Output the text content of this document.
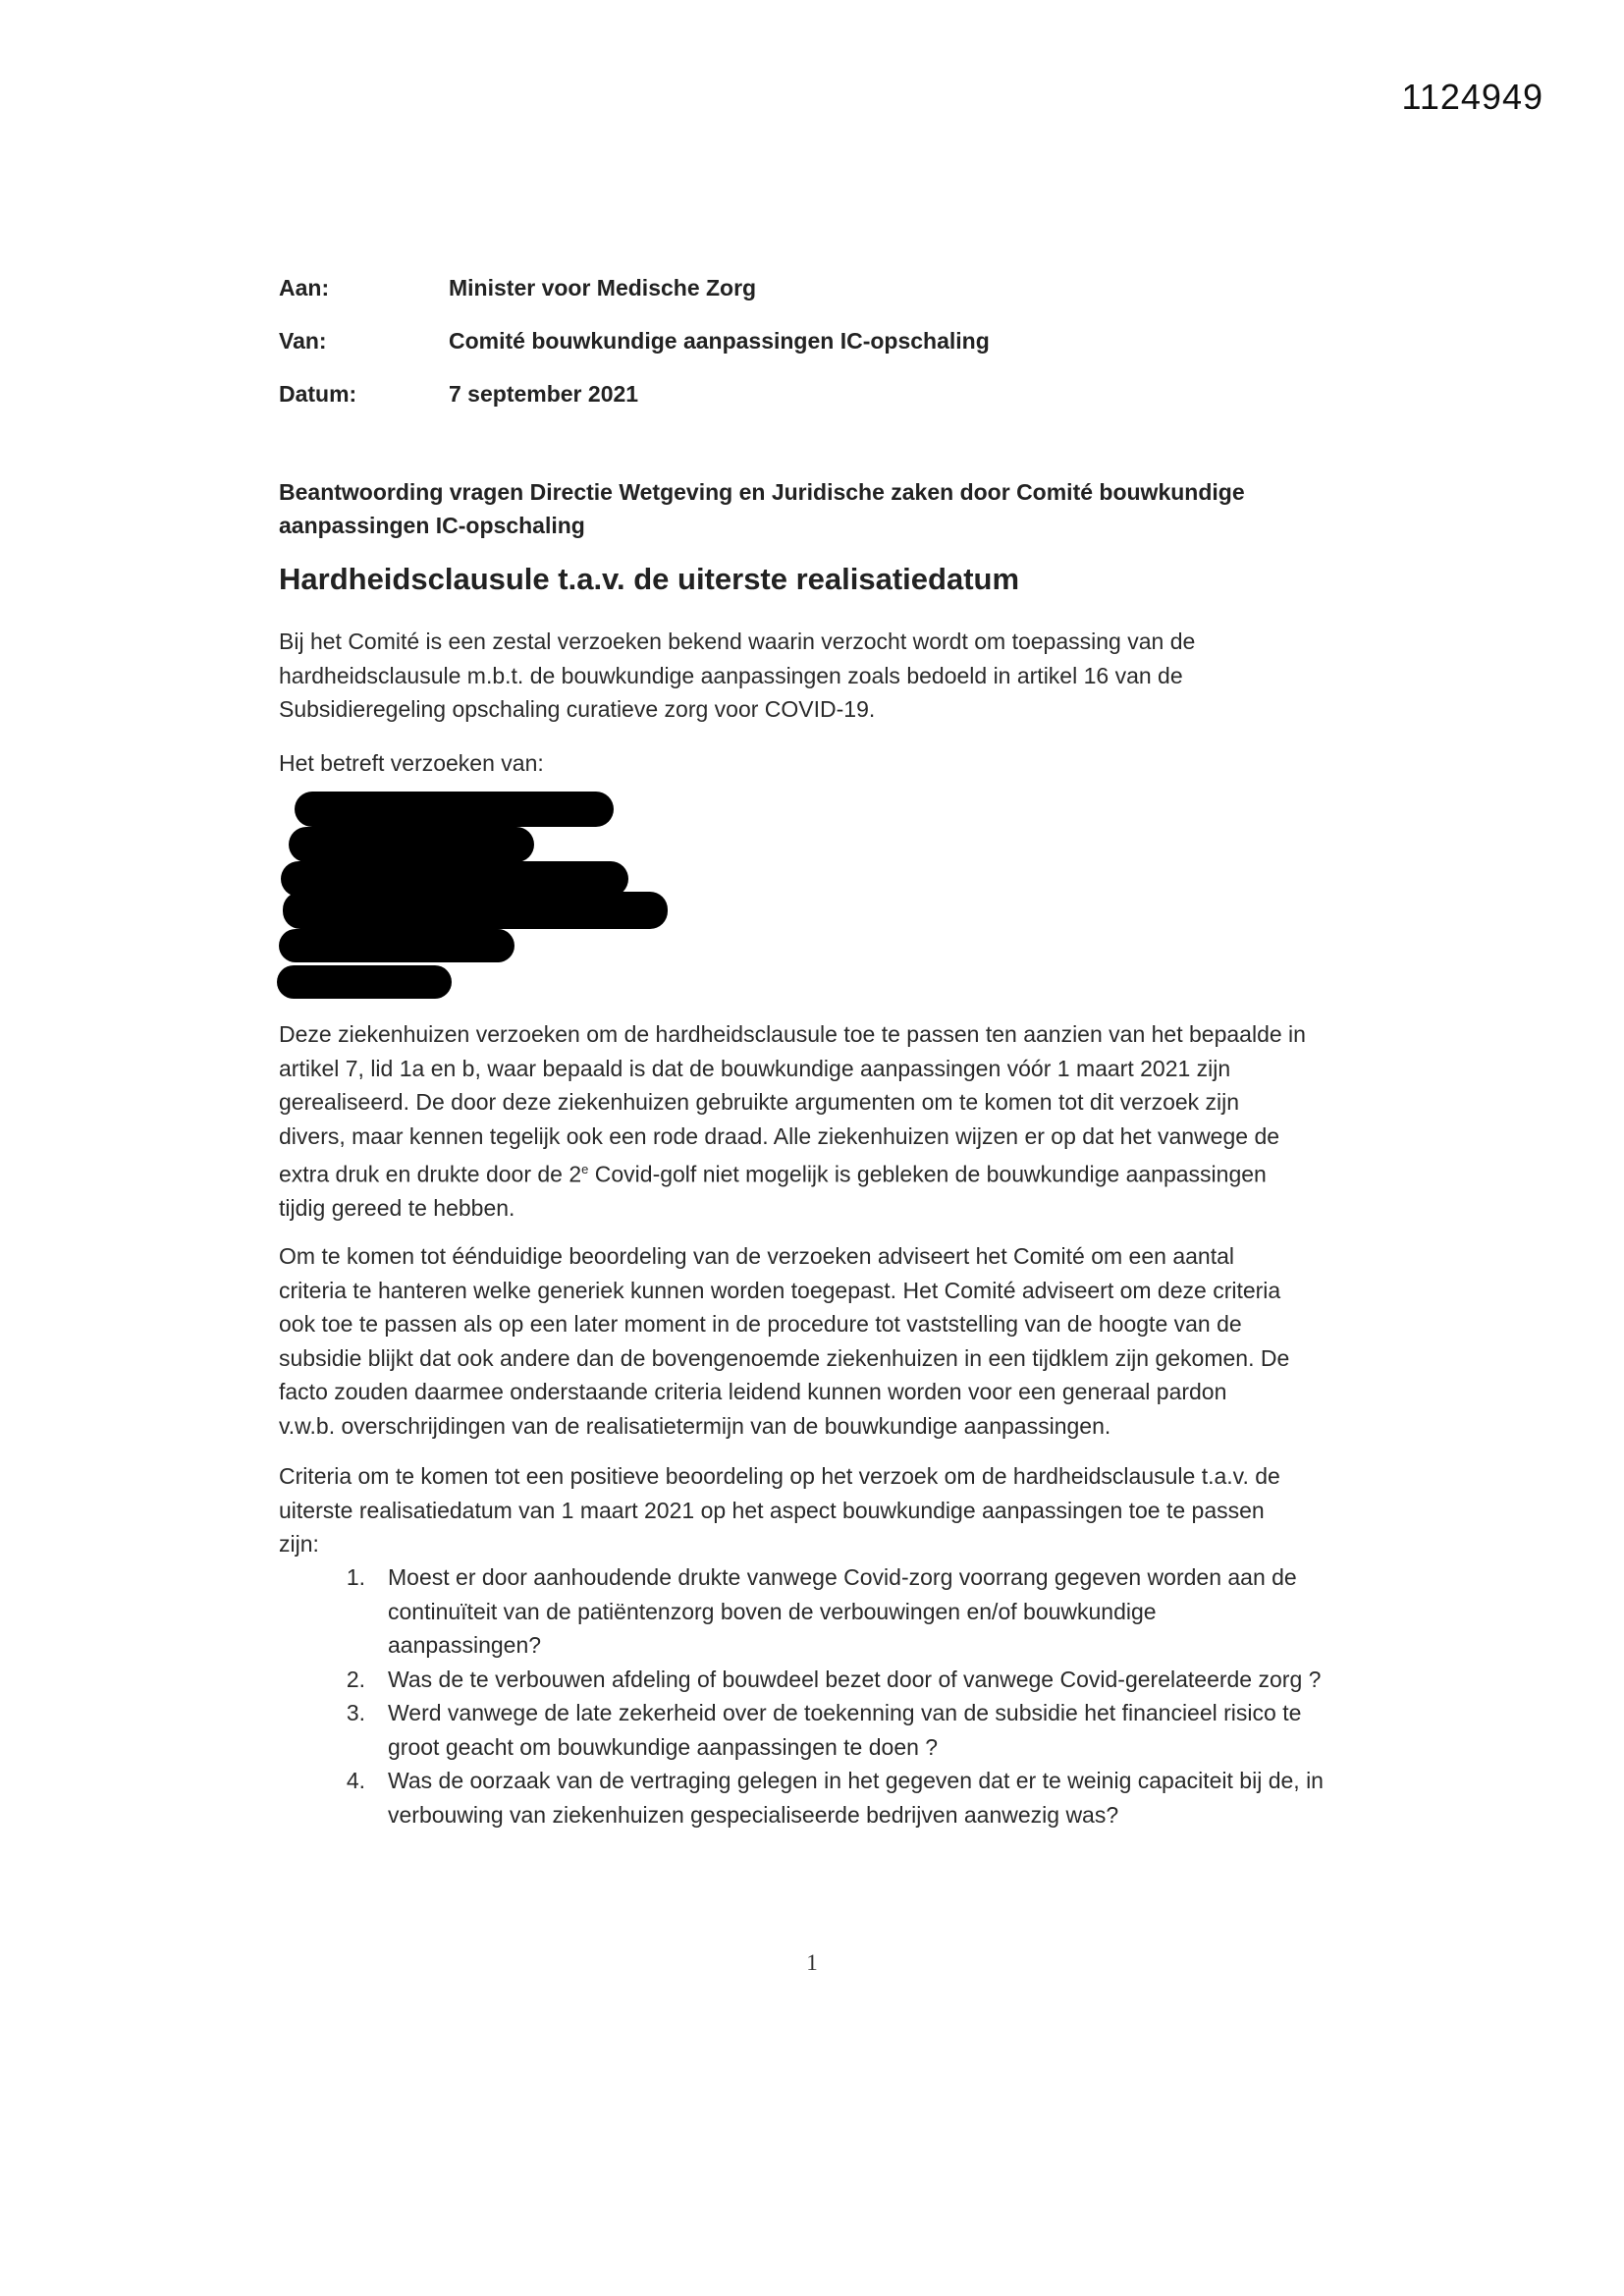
1124949
Aan:	Minister voor Medische Zorg
Van:	Comité bouwkundige aanpassingen IC-opschaling
Datum:	7 september 2021
Beantwoording vragen Directie Wetgeving en Juridische zaken door Comité bouwkundige
aanpassingen IC-opschaling
Hardheidsclausule t.a.v. de uiterste realisatiedatum
Bij het Comité is een zestal verzoeken bekend waarin verzocht wordt om toepassing van de
hardheidsclausule m.b.t. de bouwkundige aanpassingen zoals bedoeld in artikel 16 van de
Subsidieregeling opschaling curatieve zorg voor COVID-19.
Het betreft verzoeken van:
Deze ziekenhuizen verzoeken om de hardheidsclausule toe te passen ten aanzien van het bepaalde in
artikel 7, lid 1a en b, waar bepaald is dat de bouwkundige aanpassingen vóór 1 maart 2021 zijn
gerealiseerd. De door deze ziekenhuizen gebruikte argumenten om te komen tot dit verzoek zijn
divers, maar kennen tegelijk ook een rode draad. Alle ziekenhuizen wijzen er op dat het vanwege de
extra druk en drukte door de 2e Covid-golf niet mogelijk is gebleken de bouwkundige aanpassingen
tijdig gereed te hebben.
Om te komen tot éénduidige beoordeling van de verzoeken adviseert het Comité om een aantal
criteria te hanteren welke generiek kunnen worden toegepast. Het Comité adviseert om deze criteria
ook toe te passen als op een later moment in de procedure tot vaststelling van de hoogte van de
subsidie blijkt dat ook andere dan de bovengenoemde ziekenhuizen in een tijdklem zijn gekomen. De
facto zouden daarmee onderstaande criteria leidend kunnen worden voor een generaal pardon
v.w.b. overschrijdingen van de realisatietermijn van de bouwkundige aanpassingen.
Criteria om te komen tot een positieve beoordeling op het verzoek om de hardheidsclausule t.a.v. de
uiterste realisatiedatum van 1 maart 2021 op het aspect bouwkundige aanpassingen toe te passen
zijn:
1. Moest er door aanhoudende drukte vanwege Covid-zorg voorrang gegeven worden aan de
continuïteit van de patiëntenzorg boven de verbouwingen en/of bouwkundige
aanpassingen?
2. Was de te verbouwen afdeling of bouwdeel bezet door of vanwege Covid-gerelateerde zorg ?
3. Werd vanwege de late zekerheid over de toekenning van de subsidie het financieel risico te
groot geacht om bouwkundige aanpassingen te doen ?
4. Was de oorzaak van de vertraging gelegen in het gegeven dat er te weinig capaciteit bij de, in
verbouwing van ziekenhuizen gespecialiseerde bedrijven aanwezig was?
1
